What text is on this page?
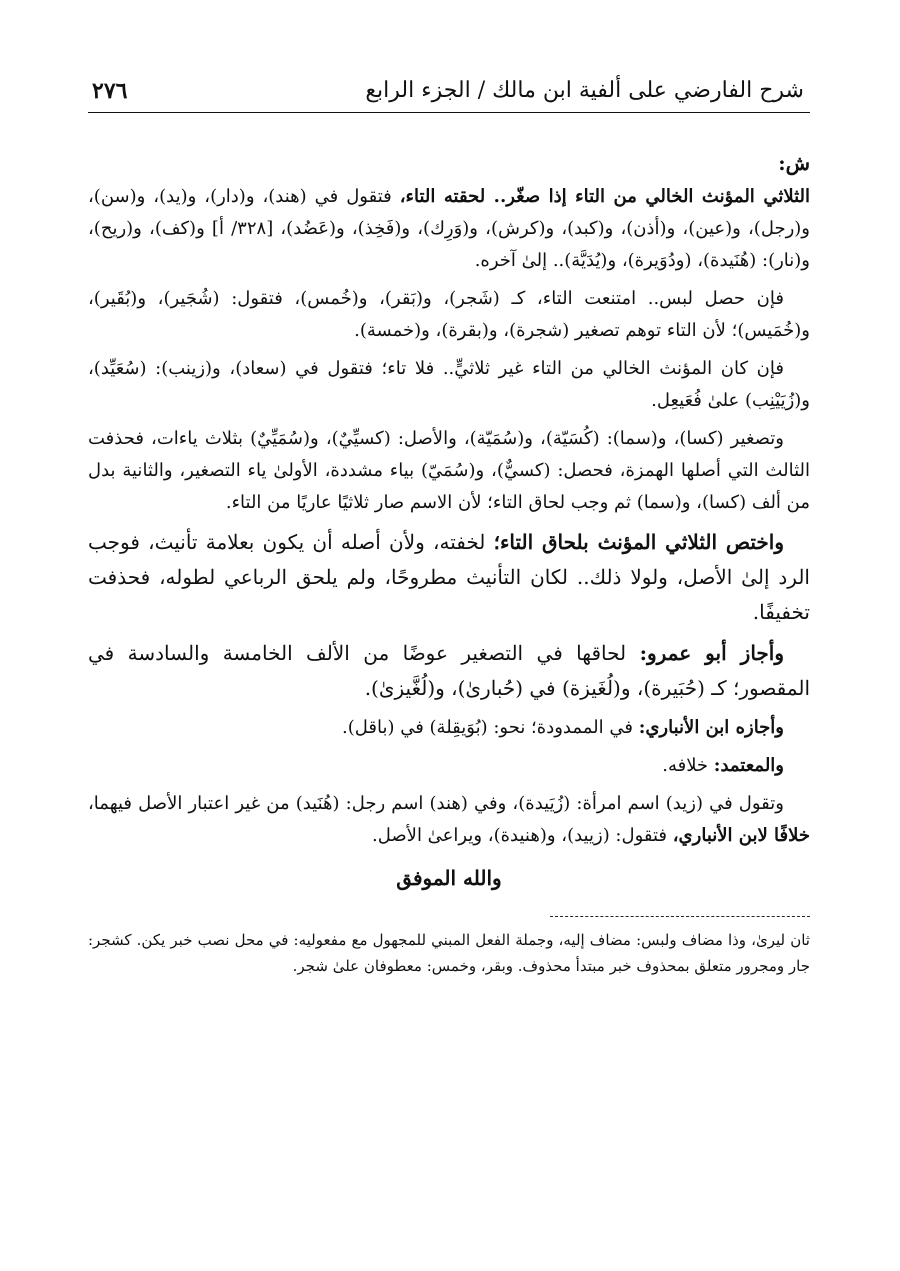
شرح الفارضي على ألفية ابن مالك / الجزء الرابع
٢٧٦
ش:

الثلاثي المؤنث الخالي من التاء إذا صغّر.. لحقته التاء، فتقول في (هند)، و(دار)، و(يد)، و(سن)، و(رجل)، و(عين)، و(أذن)، و(كبد)، و(كرش)، و(وَرِك)، و(فَخِذ)، و(عَضُد)، [٣٢٨/ أ] و(كف)، و(ريح)، و(نار): (هُنَيدة)، (ودُوَيرة)، و(يُدَيَّة).. إلىٰ آخره.

فإن حصل لبس.. امتنعت التاء، كـ (شَجر)، و(بَقر)، و(خُمس)، فتقول: (شُجَير)، و(بُقَير)، و(خُمَيس)؛ لأن التاء توهم تصغير (شجرة)، و(بقرة)، و(خمسة).

فإن كان المؤنث الخالي من التاء غير ثلاثيٍّ.. فلا تاء؛ فتقول في (سعاد)، و(زينب): (سُعَيِّد)، و(زُيَيْنِب) علىٰ فُعَيعِل.

وتصغير (كسا)، و(سما): (كُسَيّة)، و(سُمَيّة)، والأصل: (كسيِّيٌ)، و(سُمَيِّيٌ) بثلاث ياءات، فحذفت الثالث التي أصلها الهمزة، فحصل: (كسيٌّ)، و(سُمَيّ) بياء مشددة، الأولىٰ ياء التصغير، والثانية بدل من ألف (كسا)، و(سما) ثم وجب لحاق التاء؛ لأن الاسم صار ثلاثيًا عاريًا من التاء.

واختص الثلاثي المؤنث بلحاق التاء؛ لخفته، ولأن أصله أن يكون بعلامة تأنيث، فوجب الرد إلىٰ الأصل، ولولا ذلك.. لكان التأنيث مطروحًا، ولم يلحق الرباعي لطوله، فحذفت تخفيفًا.

وأجاز أبو عمرو: لحاقها في التصغير عوضًا من الألف الخامسة والسادسة في المقصور؛ كـ (حُبَيرة)، و(لُغَيزة) في (حُبارىٰ)، و(لُغَّيزىٰ).

وأجازه ابن الأنباري: في الممدودة؛ نحو: (بُوَيقِلة) في (باقل).

والمعتمد: خلافه.

وتقول في (زيد) اسم امرأة: (زُيَيدة)، وفي (هند) اسم رجل: (هُنَيد) من غير اعتبار الأصل فيهما، خلافًا لابن الأنباري، فتقول: (زييد)، و(هنيدة)، ويراعىٰ الأصل.

والله الموفق
ثان ليرىٰ، وذا مضاف ولبس: مضاف إليه، وجملة الفعل المبني للمجهول مع مفعوليه: في محل نصب خبر يكن. كشجر: جار ومجرور متعلق بمحذوف خبر مبتدأ محذوف. وبقر، وخمس: معطوفان علىٰ شجر.
